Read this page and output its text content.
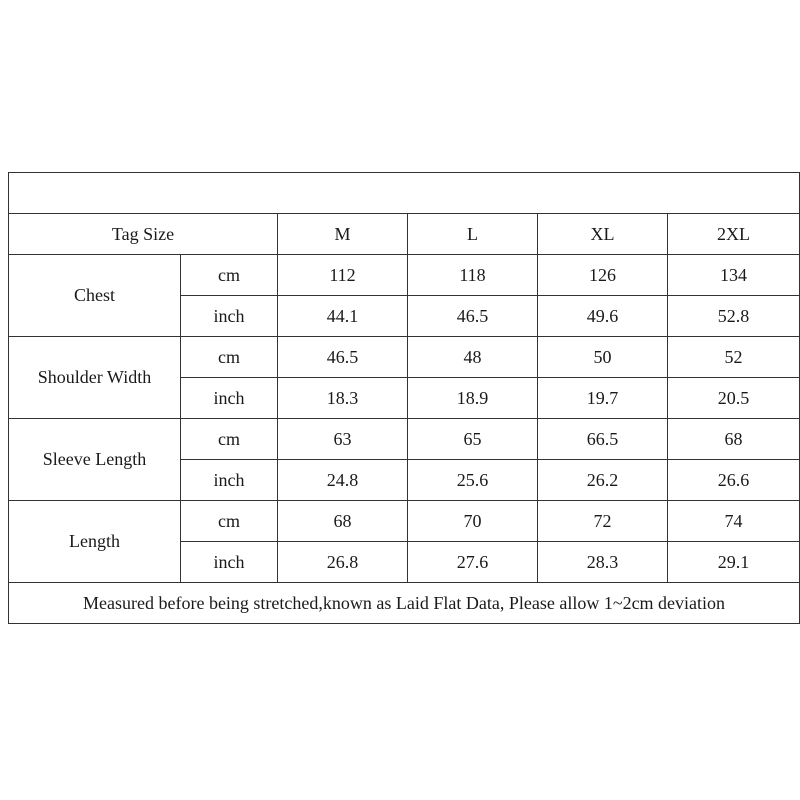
Tag Size		M	L	XL	2XL
Chest	cm	112	118	126	134
	inch	44.1	46.5	49.6	52.8
Shoulder Width	cm	46.5	48	50	52
	inch	18.3	18.9	19.7	20.5
Sleeve Length	cm	63	65	66.5	68
	inch	24.8	25.6	26.2	26.6
Length	cm	68	70	72	74
	inch	26.8	27.6	28.3	29.1
Measured before being stretched,known as Laid Flat Data, Please allow 1~2cm deviation					
